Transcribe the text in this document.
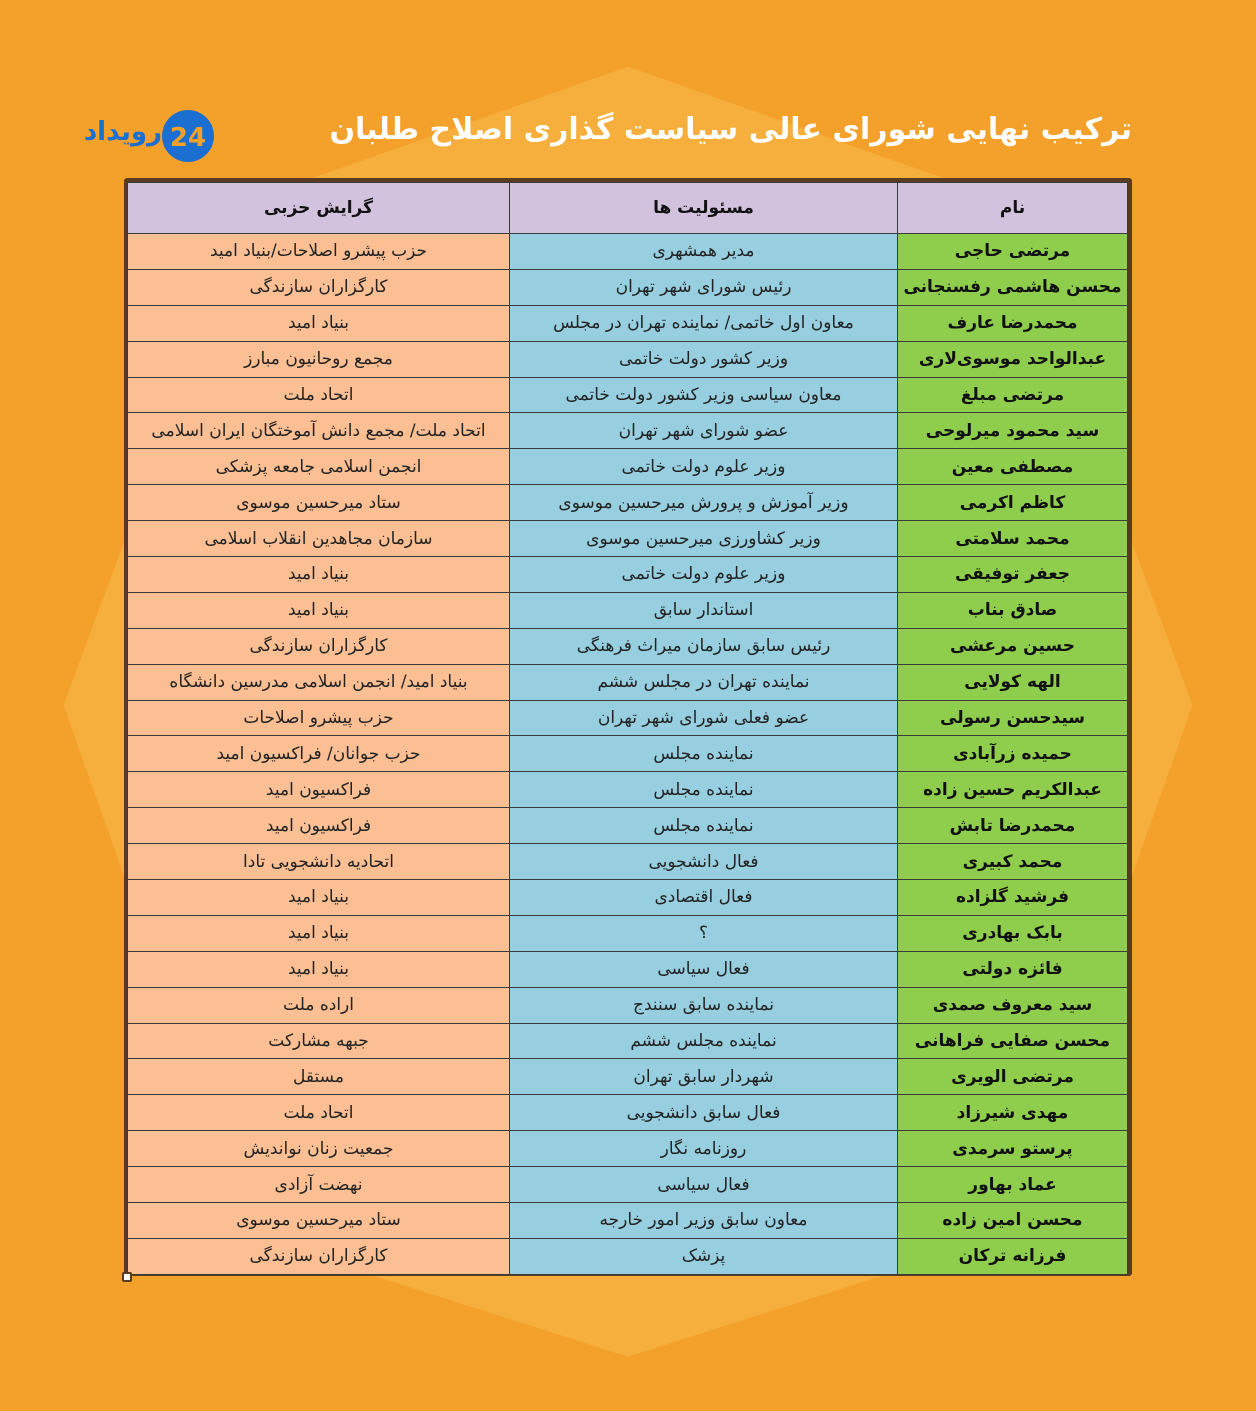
ترکیب نهایی شورای عالی سیاست گذاری اصلاح طلبان
24
رویداد
نام	مسئولیت ها	گرایش حزبی
مرتضی حاجی	مدیر همشهری	حزب پیشرو اصلاحات/بنیاد امید
محسن هاشمی رفسنجانی	رئیس شورای شهر تهران	کارگزاران سازندگی
محمدرضا عارف	معاون اول خاتمی/ نماینده تهران در مجلس	بنیاد امید
عبدالواحد موسوی‌لاری	وزیر کشور دولت خاتمی	مجمع روحانیون مبارز
مرتضی مبلغ	معاون سیاسی وزیر کشور دولت خاتمی	اتحاد ملت
سید محمود میرلوحی	عضو شورای شهر تهران	اتحاد ملت/ مجمع دانش آموختگان ایران اسلامی
مصطفی معین	وزیر علوم دولت خاتمی	انجمن اسلامی جامعه پزشکی
کاظم اکرمی	وزیر آموزش و پرورش میرحسین موسوی	ستاد میرحسین موسوی
محمد سلامتی	وزیر کشاورزی میرحسین موسوی	سازمان مجاهدین انقلاب اسلامی
جعفر توفیقی	وزیر علوم دولت خاتمی	بنیاد امید
صادق بناب	استاندار سابق	بنیاد امید
حسین مرعشی	رئیس سابق سازمان میراث فرهنگی	کارگزاران سازندگی
الهه کولایی	نماینده تهران در مجلس ششم	بنیاد امید/ انجمن اسلامی مدرسین دانشگاه
سیدحسن رسولی	عضو فعلی شورای شهر تهران	حزب پیشرو اصلاحات
حمیده زرآبادی	نماینده مجلس	حزب جوانان/ فراکسیون امید
عبدالکریم حسین زاده	نماینده مجلس	فراکسیون امید
محمدرضا تابش	نماینده مجلس	فراکسیون امید
محمد کبیری	فعال دانشجویی	اتحادیه دانشجویی تادا
فرشید گلزاده	فعال اقتصادی	بنیاد امید
بابک بهادری	؟	بنیاد امید
فائزه دولتی	فعال سیاسی	بنیاد امید
سید معروف صمدی	نماینده سابق سنندج	اراده ملت
محسن صفایی فراهانی	نماینده مجلس ششم	جبهه مشارکت
مرتضی الویری	شهردار سابق تهران	مستقل
مهدی شیرزاد	فعال سابق دانشجویی	اتحاد ملت
پرستو سرمدی	روزنامه نگار	جمعیت زنان نواندیش
عماد بهاور	فعال سیاسی	نهضت آزادی
محسن امین زاده	معاون سابق وزیر امور خارجه	ستاد میرحسین موسوی
فرزانه ترکان	پزشک	کارگزاران سازندگی
